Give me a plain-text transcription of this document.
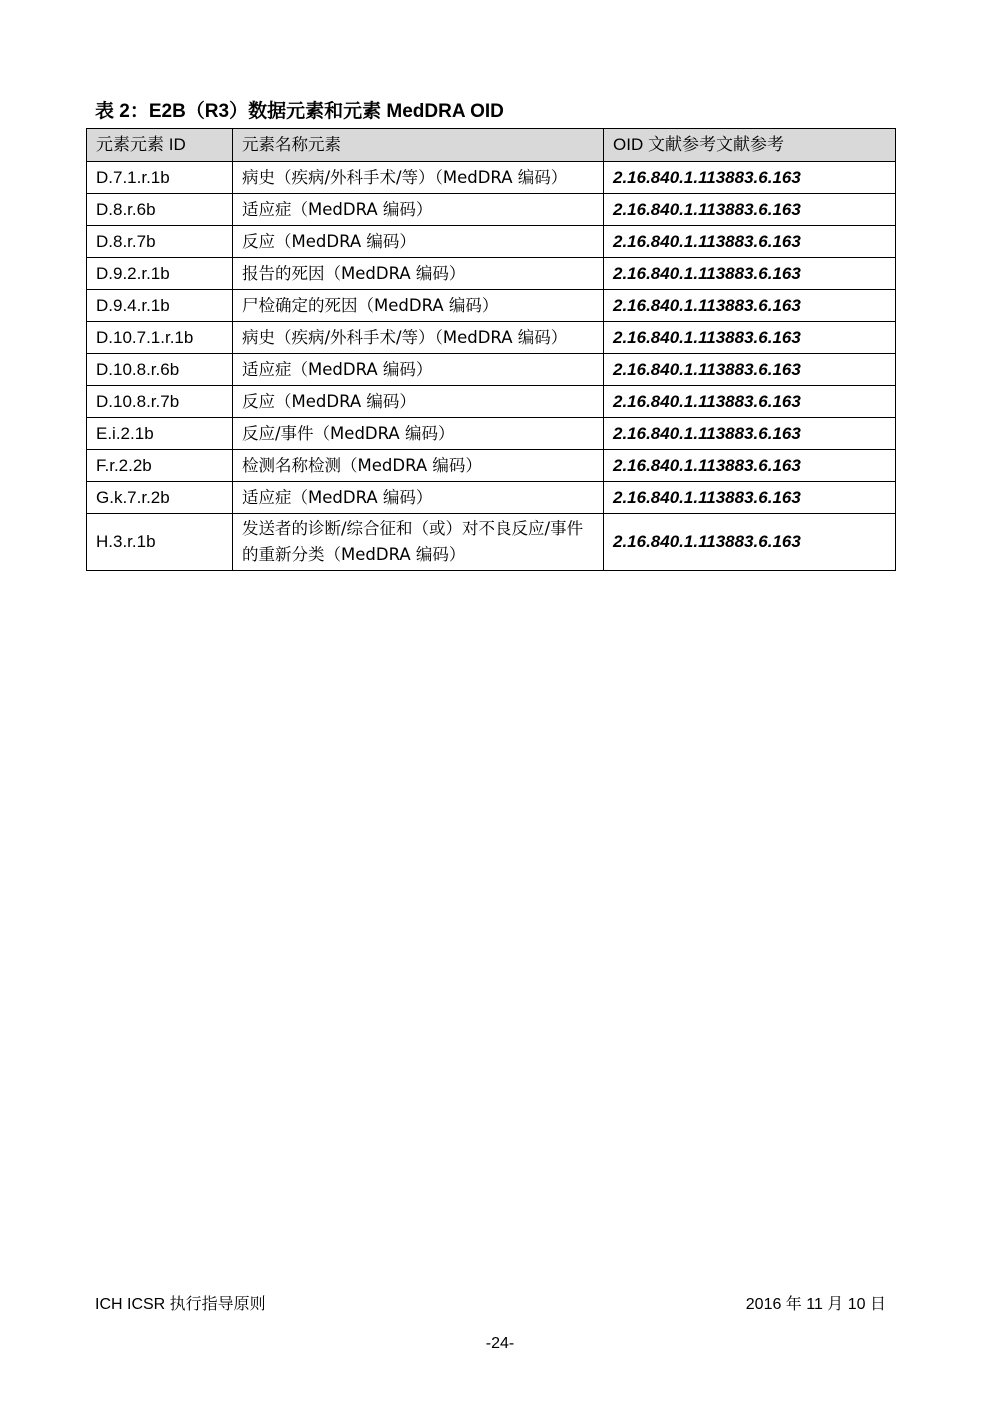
表 2：E2B（R3）数据元素和元素 MedDRA OID
元素元素 ID	元素名称元素	OID 文献参考文献参考
D.7.1.r.1b	病史（疾病/外科手术/等）（MedDRA 编码）	2.16.840.1.113883.6.163
D.8.r.6b	适应症（MedDRA 编码）	2.16.840.1.113883.6.163
D.8.r.7b	反应（MedDRA 编码）	2.16.840.1.113883.6.163
D.9.2.r.1b	报告的死因（MedDRA 编码）	2.16.840.1.113883.6.163
D.9.4.r.1b	尸检确定的死因（MedDRA 编码）	2.16.840.1.113883.6.163
D.10.7.1.r.1b	病史（疾病/外科手术/等）（MedDRA 编码）	2.16.840.1.113883.6.163
D.10.8.r.6b	适应症（MedDRA 编码）	2.16.840.1.113883.6.163
D.10.8.r.7b	反应（MedDRA 编码）	2.16.840.1.113883.6.163
E.i.2.1b	反应/事件（MedDRA 编码）	2.16.840.1.113883.6.163
F.r.2.2b	检测名称检测（MedDRA 编码）	2.16.840.1.113883.6.163
G.k.7.r.2b	适应症（MedDRA 编码）	2.16.840.1.113883.6.163
H.3.r.1b	发送者的诊断/综合征和（或）对不良反应/事件的重新分类（MedDRA 编码）	2.16.840.1.113883.6.163
ICH ICSR 执行指导原则	2016 年 11 月 10 日
-24-
